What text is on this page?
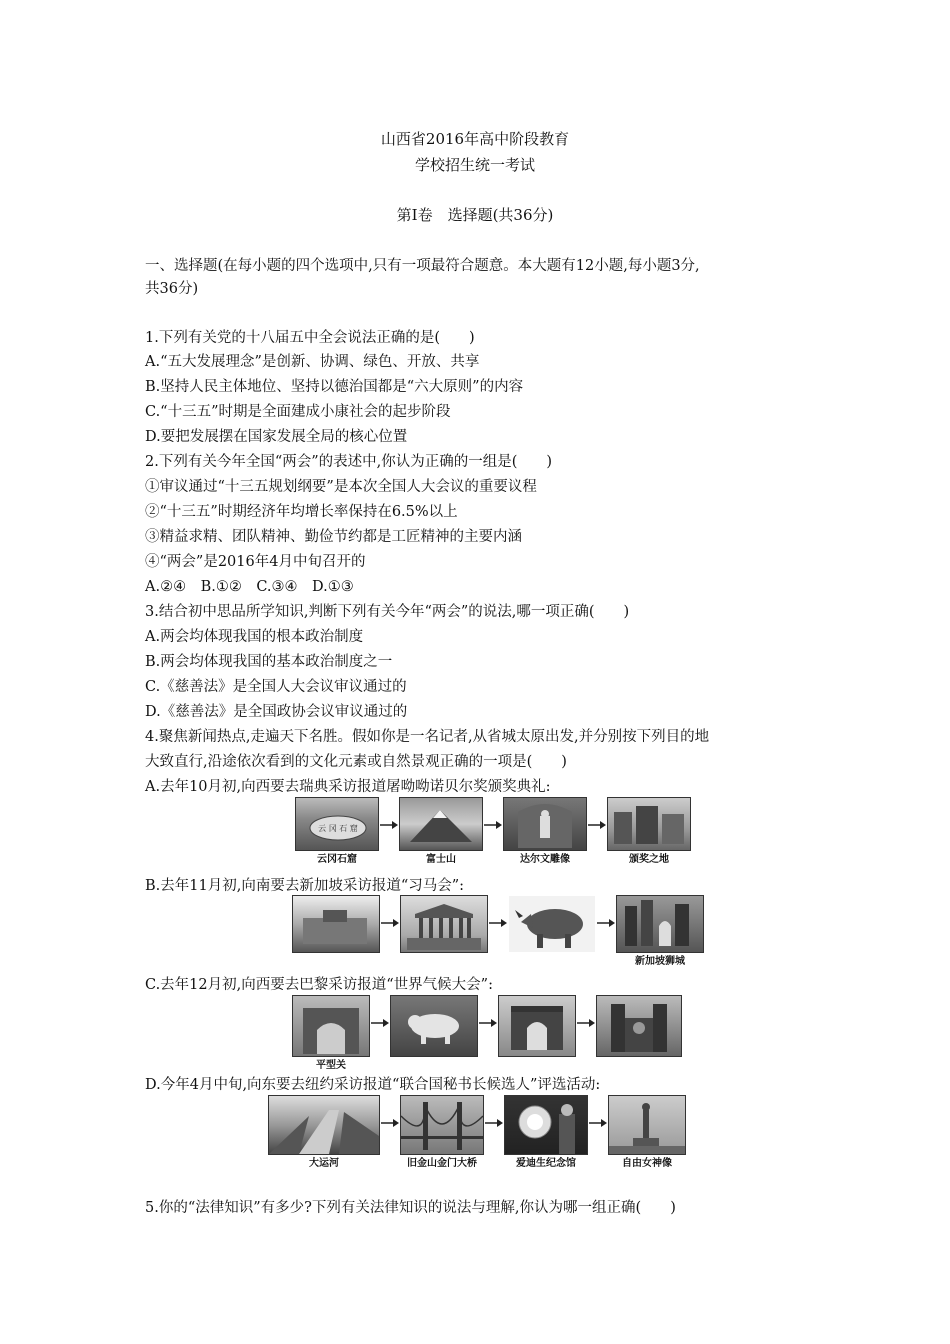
山西省2016年高中阶段教育
学校招生统一考试
第Ⅰ卷　选择题(共36分)
一、选择题(在每小题的四个选项中,只有一项最符合题意。本大题有12小题,每小题3分,
共36分)
1.下列有关党的十八届五中全会说法正确的是(　　)
A.“五大发展理念”是创新、协调、绿色、开放、共享
B.坚持人民主体地位、坚持以德治国都是“六大原则”的内容
C.“十三五”时期是全面建成小康社会的起步阶段
D.要把发展摆在国家发展全局的核心位置
2.下列有关今年全国“两会”的表述中,你认为正确的一组是(　　)
①审议通过“十三五规划纲要”是本次全国人大会议的重要议程
②“十三五”时期经济年均增长率保持在6.5%以上
③精益求精、团队精神、勤俭节约都是工匠精神的主要内涵
④“两会”是2016年4月中旬召开的
A.②④　B.①②　C.③④　D.①③
3.结合初中思品所学知识,判断下列有关今年“两会”的说法,哪一项正确(　　)
A.两会均体现我国的根本政治制度
B.两会均体现我国的基本政治制度之一
C.《慈善法》是全国人大会议审议通过的
D.《慈善法》是全国政协会议审议通过的
4.聚焦新闻热点,走遍天下名胜。假如你是一名记者,从省城太原出发,并分别按下列目的地
大致直行,沿途依次看到的文化元素或自然景观正确的一项是(　　)
A.去年10月初,向西要去瑞典采访报道屠呦呦诺贝尔奖颁奖典礼:
云 冈 石 窟
云冈石窟	富士山	达尔文雕像	颁奖之地
B.去年11月初,向南要去新加坡采访报道“习马会”:
新加坡狮城
C.去年12月初,向西要去巴黎采访报道“世界气候大会”:
平型关
D.今年4月中旬,向东要去纽约采访报道“联合国秘书长候选人”评选活动:
大运河	旧金山金门大桥	爱迪生纪念馆	自由女神像
5.你的“法律知识”有多少?下列有关法律知识的说法与理解,你认为哪一组正确(　　)
